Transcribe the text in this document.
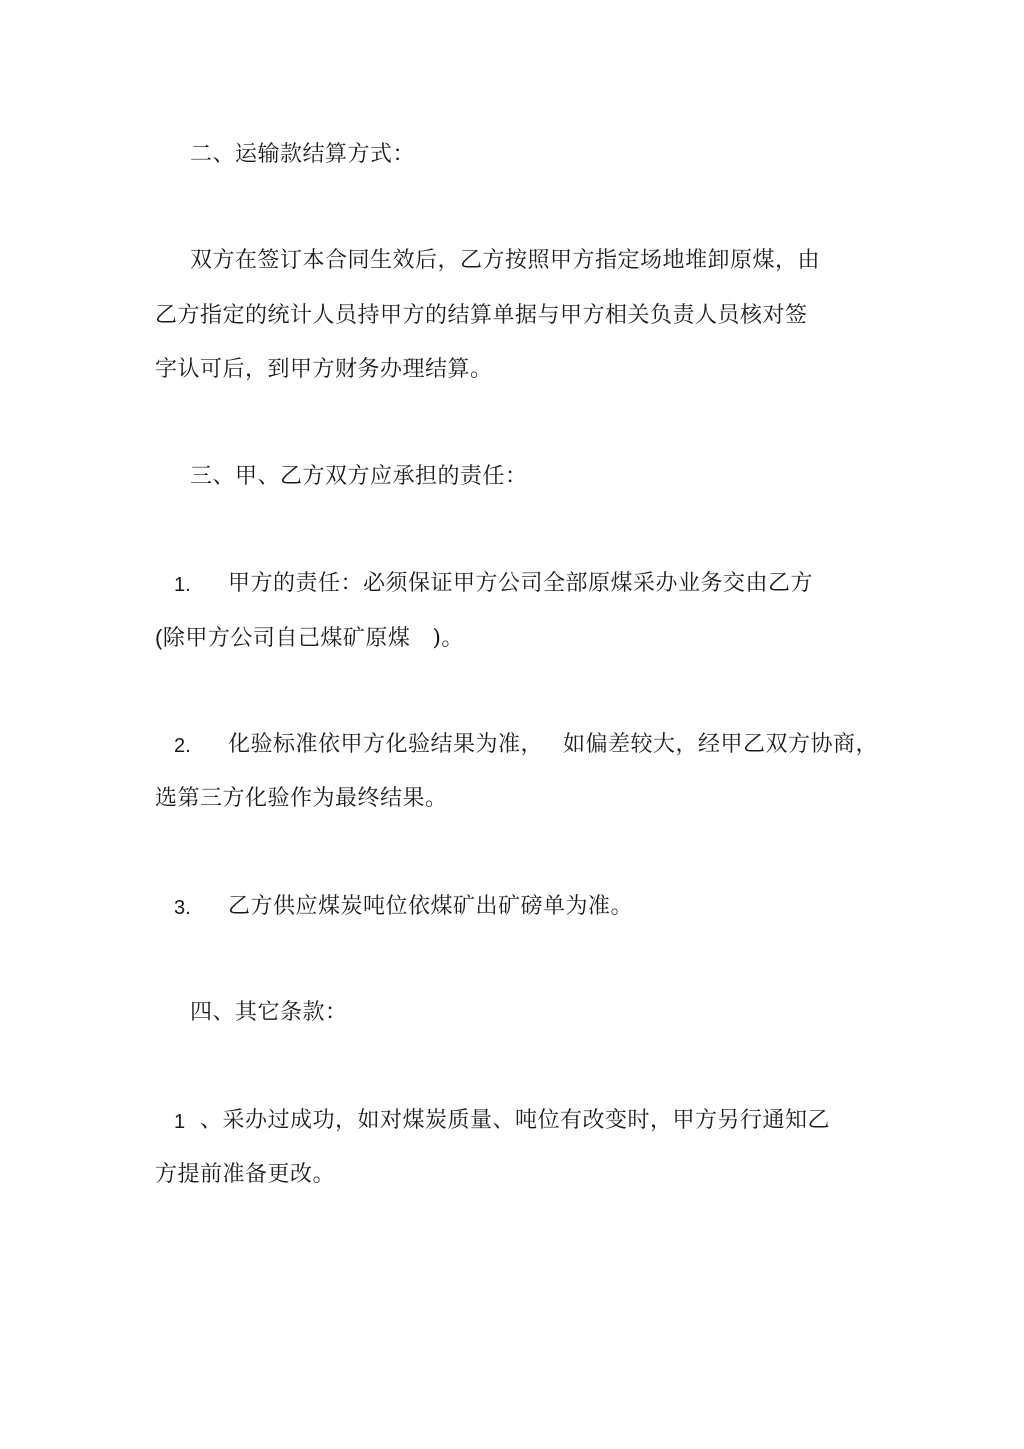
二、运输款结算方式：
双方在签订本合同生效后，乙方按照甲方指定场地堆卸原煤，由
乙方指定的统计人员持甲方的结算单据与甲方相关负责人员核对签
字认可后，到甲方财务办理结算。
三、甲、乙方双方应承担的责任：
1. 甲方的责任：必须保证甲方公司全部原煤采办业务交由乙方
(除甲方公司自己煤矿原煤 )。
2. 化验标准依甲方化验结果为准， 如偏差较大，经甲乙双方协商，
选第三方化验作为最终结果。
3. 乙方供应煤炭吨位依煤矿出矿磅单为准。
四、其它条款：
1 、采办过成功，如对煤炭质量、吨位有改变时，甲方另行通知乙
方提前准备更改。
